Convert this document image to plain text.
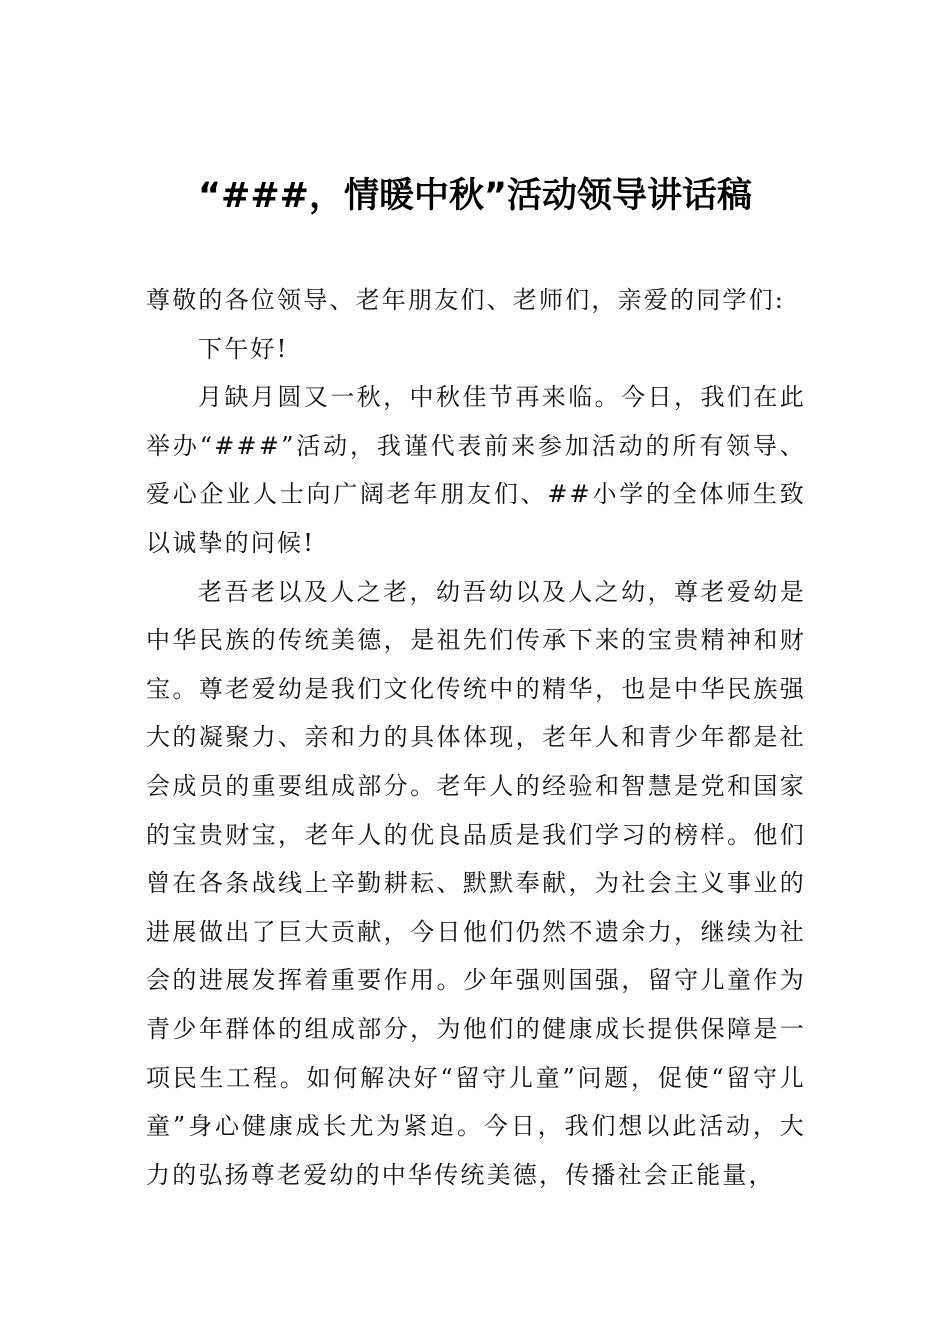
“###，情暖中秋”活动领导讲话稿

尊敬的各位领导、老年朋友们、老师们，亲爱的同学们:

下午好!

月缺月圆又一秋，中秋佳节再来临。今日，我们在此举办“###”活动，我谨代表前来参加活动的所有领导、爱心企业人士向广阔老年朋友们、##小学的全体师生致以诚挚的问候!

老吾老以及人之老，幼吾幼以及人之幼，尊老爱幼是中华民族的传统美德，是祖先们传承下来的宝贵精神和财宝。尊老爱幼是我们文化传统中的精华，也是中华民族强大的凝聚力、亲和力的具体体现，老年人和青少年都是社会成员的重要组成部分。老年人的经验和智慧是党和国家的宝贵财宝，老年人的优良品质是我们学习的榜样。他们曾在各条战线上辛勤耕耘、默默奉献，为社会主义事业的进展做出了巨大贡献，今日他们仍然不遗余力，继续为社会的进展发挥着重要作用。少年强则国强，留守儿童作为青少年群体的组成部分，为他们的健康成长提供保障是一项民生工程。如何解决好“留守儿童”问题，促使“留守儿童”身心健康成长尤为紧迫。今日，我们想以此活动，大力的弘扬尊老爱幼的中华传统美德，传播社会正能量，
